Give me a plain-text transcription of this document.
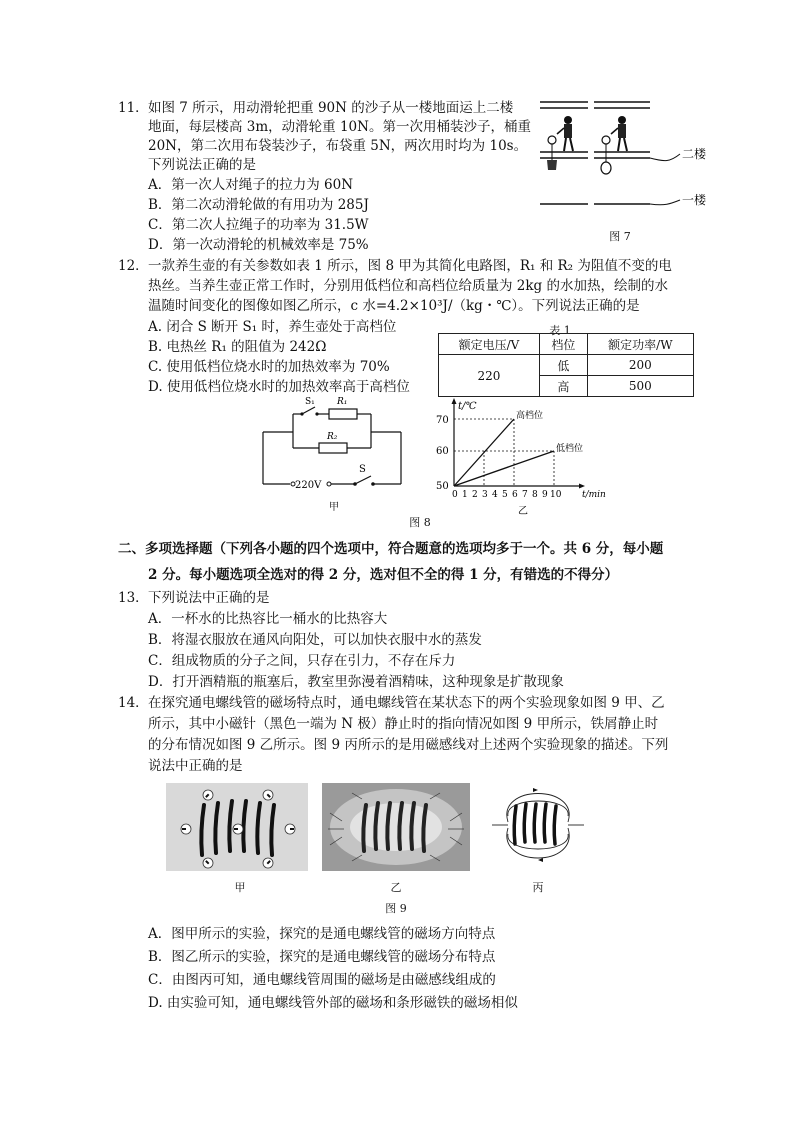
11． 如图 7 所示，用动滑轮把重 90N 的沙子从一楼地面运上二楼
地面，每层楼高 3m，动滑轮重 10N。第一次用桶装沙子，桶重
20N，第二次用布袋装沙子，布袋重 5N，两次用时均为 10s。
下列说法正确的是
A．第一次人对绳子的拉力为 60N
B．第二次动滑轮做的有用功为 285J
C．第二次人拉绳子的功率为 31.5W
D．第一次动滑轮的机械效率是 75%
二楼
一楼
图 7
12． 一款养生壶的有关参数如表 1 所示，图 8 甲为其简化电路图，R₁ 和 R₂ 为阻值不变的电
热丝。当养生壶正常工作时，分别用低档位和高档位给质量为 2kg 的水加热，绘制的水
温随时间变化的图像如图乙所示，c 水=4.2×10³J/（kg・℃）。下列说法正确的是
A. 闭合 S 断开 S₁ 时，养生壶处于高档位
B. 电热丝 R₁ 的阻值为 242Ω
C. 使用低档位烧水时的加热效率为 70%
D. 使用低档位烧水时的加热效率高于高档位
表 1
额定电压/V	档位	额定功率/W
220	低	200
	高	500
220V
S
S₁ R₁
R₂
甲
t/℃
t/min
70
60
50
高档位
低档位
0 1 2 3 4 5 6 7 8 9 10
乙
图 8
二、多项选择题（下列各小题的四个选项中，符合题意的选项均多于一个。共 6 分，每小题
2 分。每小题选项全选对的得 2 分，选对但不全的得 1 分，有错选的不得分）
13． 下列说法中正确的是
A．一杯水的比热容比一桶水的比热容大
B．将湿衣服放在通风向阳处，可以加快衣服中水的蒸发
C．组成物质的分子之间，只存在引力，不存在斥力
D．打开酒精瓶的瓶塞后，教室里弥漫着酒精味，这种现象是扩散现象
14． 在探究通电螺线管的磁场特点时，通电螺线管在某状态下的两个实验现象如图 9 甲、乙
所示，其中小磁针（黑色一端为 N 极）静止时的指向情况如图 9 甲所示，铁屑静止时
的分布情况如图 9 乙所示。图 9 丙所示的是用磁感线对上述两个实验现象的描述。下列
说法中正确的是
甲	乙	丙
图 9
A．图甲所示的实验，探究的是通电螺线管的磁场方向特点
B．图乙所示的实验，探究的是通电螺线管的磁场分布特点
C．由图丙可知，通电螺线管周围的磁场是由磁感线组成的
D. 由实验可知，通电螺线管外部的磁场和条形磁铁的磁场相似
